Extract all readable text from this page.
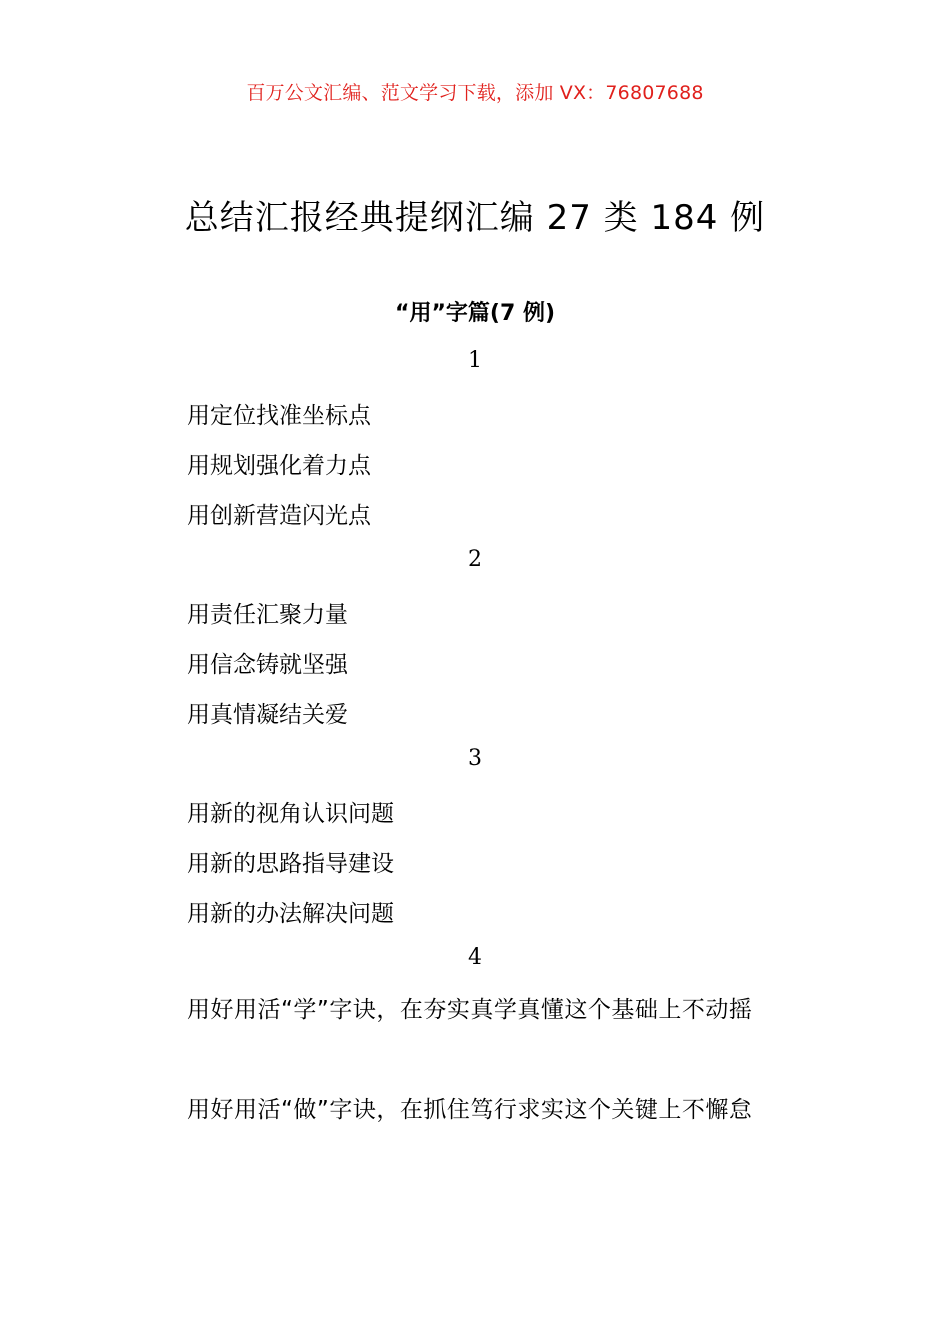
百万公文汇编、范文学习下载，添加 VX：76807688
总结汇报经典提纲汇编 27 类 184 例
“用”字篇(7 例)
1
用定位找准坐标点
用规划强化着力点
用创新营造闪光点
2
用责任汇聚力量
用信念铸就坚强
用真情凝结关爱
3
用新的视角认识问题
用新的思路指导建设
用新的办法解决问题
4
用好用活“学”字诀，在夯实真学真懂这个基础上不动摇
用好用活“做”字诀，在抓住笃行求实这个关键上不懈怠
